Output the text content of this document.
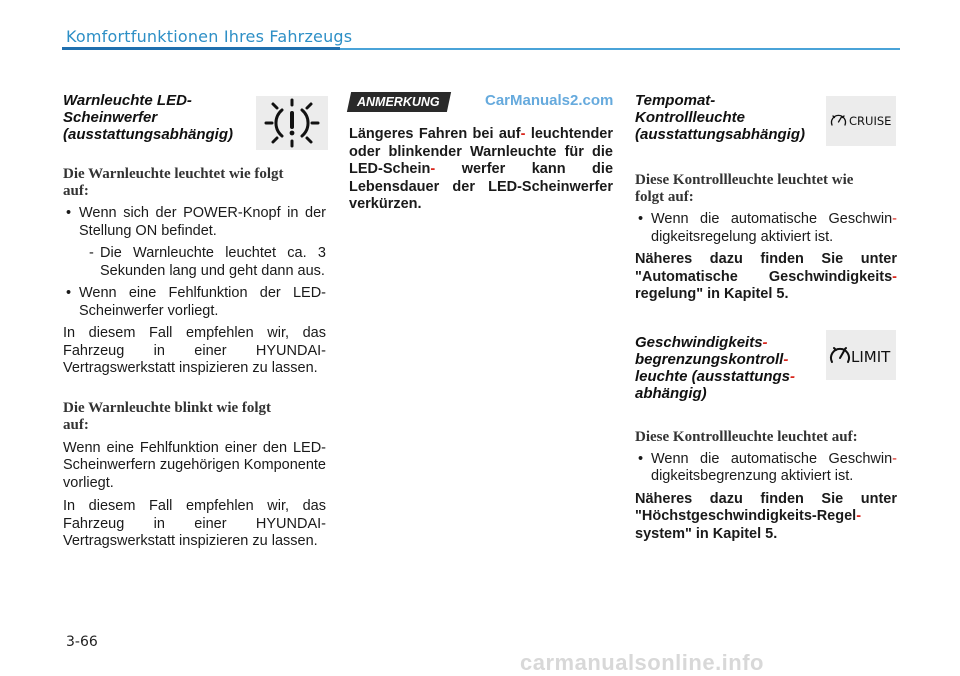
Komfortfunktionen Ihres Fahrzeugs
Warnleuchte LED-
Scheinwerfer
(ausstattungsabhängig)
Die Warnleuchte leuchtet wie folgt
auf:
• Wenn sich der POWER-Knopf in der Stellung ON befindet.
- Die Warnleuchte leuchtet ca. 3 Sekunden lang und geht dann aus.
• Wenn eine Fehlfunktion der LED-Scheinwerfer vorliegt.
In diesem Fall empfehlen wir, das Fahrzeug in einer HYUNDAI-Vertragswerkstatt inspizieren zu lassen.
Die Warnleuchte blinkt wie folgt
auf:
Wenn eine Fehlfunktion einer den LED-Scheinwerfern zugehörigen Komponente vorliegt.
In diesem Fall empfehlen wir, das Fahrzeug in einer HYUNDAI-Vertragswerkstatt inspizieren zu lassen.
ANMERKUNG
Längeres Fahren bei auf- leuchtender oder blinkender Warnleuchte für die LED-Schein- werfer kann die Lebensdauer der LED-Scheinwerfer verkürzen.
CarManuals2.com
CRUISE
LIMIT
Tempomat-
Kontrollleuchte
(ausstattungsabhängig)
Diese Kontrollleuchte leuchtet wie
folgt auf:
• Wenn die automatische Geschwin- digkeitsregelung aktiviert ist.
Näheres dazu finden Sie unter "Automatische Geschwindigkeits- regelung" in Kapitel 5.
Geschwindigkeits-
begrenzungskontroll-
leuchte (ausstattungs-
abhängig)
Diese Kontrollleuchte leuchtet auf:
• Wenn die automatische Geschwin- digkeitsbegrenzung aktiviert ist.
Näheres dazu finden Sie unter "Höchstgeschwindigkeits-Regel- system" in Kapitel 5.
3-66
carmanualsonline.info
